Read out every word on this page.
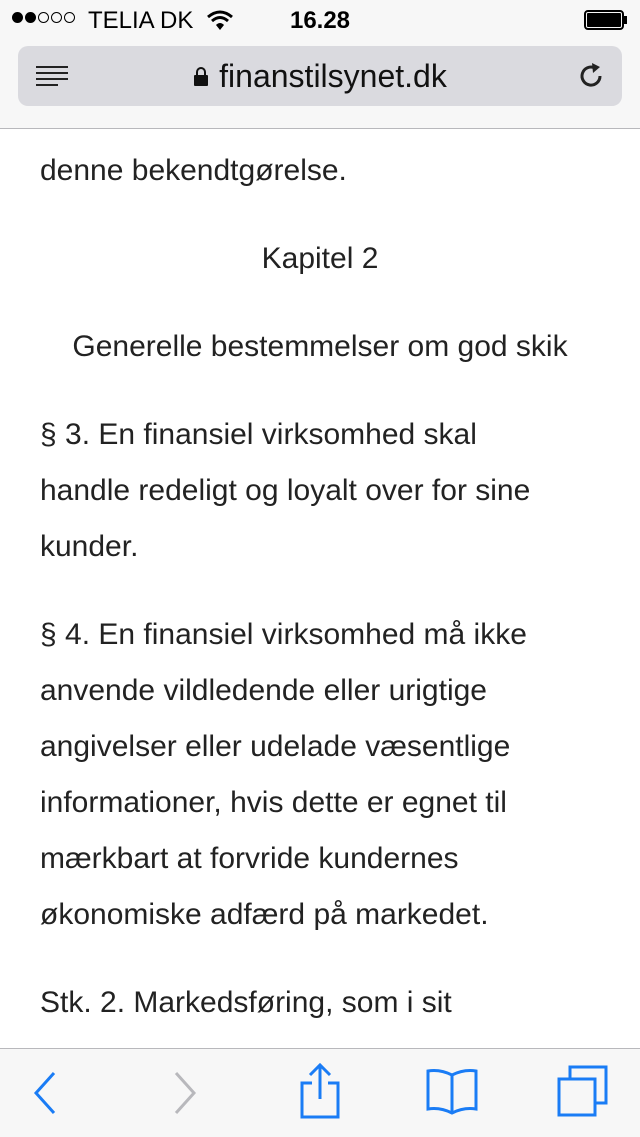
TELIA DK	16.28
finanstilsynet.dk

denne bekendtgørelse.

Kapitel 2

Generelle bestemmelser om god skik

§ 3. En finansiel virksomhed skal

handle redeligt og loyalt over for sine

kunder.

§ 4. En finansiel virksomhed må ikke

anvende vildledende eller urigtige

angivelser eller udelade væsentlige

informationer, hvis dette er egnet til

mærkbart at forvride kundernes

økonomiske adfærd på markedet.

Stk. 2. Markedsføring, som i sit
